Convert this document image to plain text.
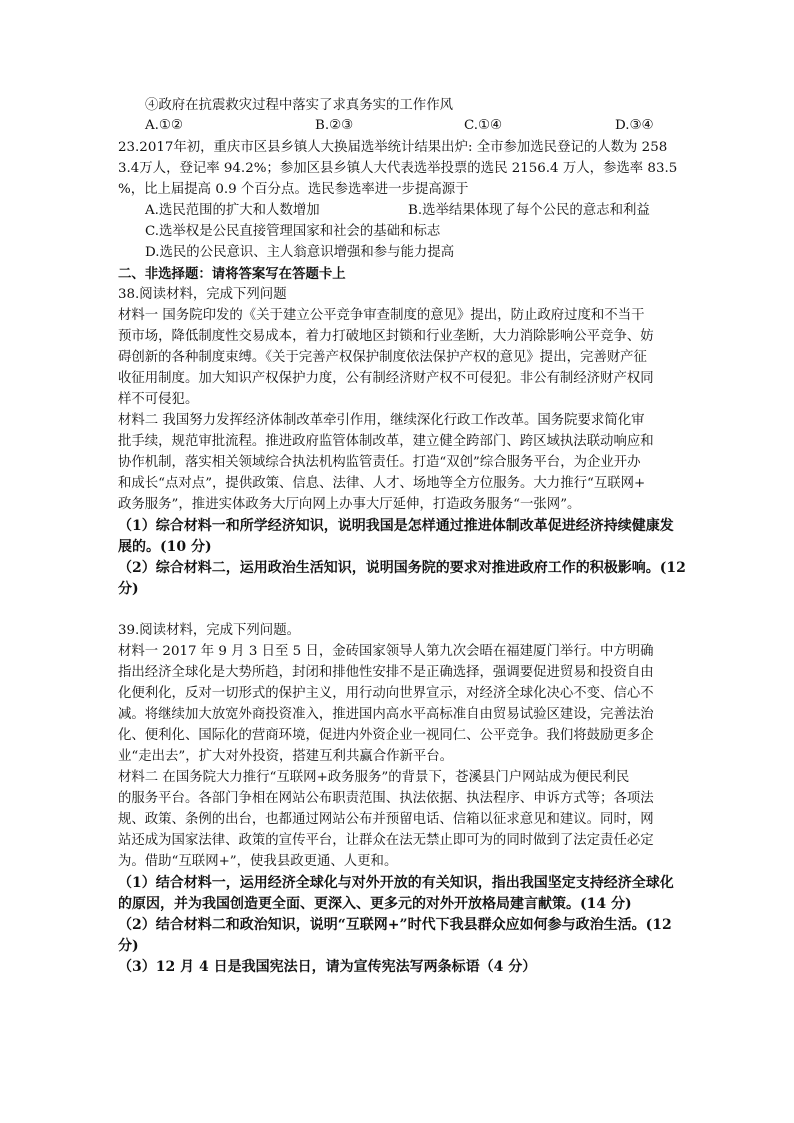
④政府在抗震救灾过程中落实了求真务实的工作作风
A.①②	B.②③	C.①④	D.③④
23.2017年初，重庆市区县乡镇人大换届选举统计结果出炉: 全市参加选民登记的人数为 258
3.4万人，登记率 94.2%；参加区县乡镇人大代表选举投票的选民 2156.4 万人，参选率 83.5
%，比上届提高 0.9 个百分点。选民参选率进一步提高源于
A.选民范围的扩大和人数增加	B.选举结果体现了每个公民的意志和利益
C.选举权是公民直接管理国家和社会的基础和标志
D.选民的公民意识、主人翁意识增强和参与能力提高
二、非选择题：请将答案写在答题卡上
38.阅读材料，完成下列问题
材料一 国务院印发的《关于建立公平竞争审查制度的意见》提出，防止政府过度和不当干
预市场，降低制度性交易成本，着力打破地区封锁和行业垄断，大力消除影响公平竞争、妨
碍创新的各种制度束缚。《关于完善产权保护制度依法保护产权的意见》提出，完善财产征
收征用制度。加大知识产权保护力度，公有制经济财产权不可侵犯。非公有制经济财产权同
样不可侵犯。
材料二 我国努力发挥经济体制改革牵引作用，继续深化行政工作改革。国务院要求简化审
批手续，规范审批流程。推进政府监管体制改革，建立健全跨部门、跨区域执法联动响应和
协作机制，落实相关领域综合执法机构监管责任。打造“双创”综合服务平台，为企业开办
和成长“点对点”，提供政策、信息、法律、人才、场地等全方位服务。大力推行“互联网+
政务服务”，推进实体政务大厅向网上办事大厅延伸，打造政务服务“一张网”。
（1）综合材料一和所学经济知识，说明我国是怎样通过推进体制改革促进经济持续健康发
展的。(10 分)
（2）综合材料二，运用政治生活知识，说明国务院的要求对推进政府工作的积极影响。(12
分)
39.阅读材料，完成下列问题。
材料一 2017 年 9 月 3 日至 5 日，金砖国家领导人第九次会晤在福建厦门举行。中方明确
指出经济全球化是大势所趋，封闭和排他性安排不是正确选择，强调要促进贸易和投资自由
化便利化，反对一切形式的保护主义，用行动向世界宣示，对经济全球化决心不变、信心不
减。将继续加大放宽外商投资准入，推进国内高水平高标准自由贸易试验区建设，完善法治
化、便利化、国际化的营商环境，促进内外资企业一视同仁、公平竞争。我们将鼓励更多企
业“走出去”，扩大对外投资，搭建互利共赢合作新平台。
材料二 在国务院大力推行“互联网+政务服务”的背景下，苍溪县门户网站成为便民利民
的服务平台。各部门争相在网站公布职责范围、执法依据、执法程序、申诉方式等；各项法
规、政策、条例的出台，也都通过网站公布并预留电话、信箱以征求意见和建议。同时，网
站还成为国家法律、政策的宣传平台，让群众在法无禁止即可为的同时做到了法定责任必定
为。借助“互联网+”，使我县政更通、人更和。
（1）结合材料一，运用经济全球化与对外开放的有关知识，指出我国坚定支持经济全球化
的原因，并为我国创造更全面、更深入、更多元的对外开放格局建言献策。(14 分)
（2）结合材料二和政治知识，说明“互联网+”时代下我县群众应如何参与政治生活。(12
分)
（3）12 月 4 日是我国宪法日，请为宣传宪法写两条标语（4 分）
